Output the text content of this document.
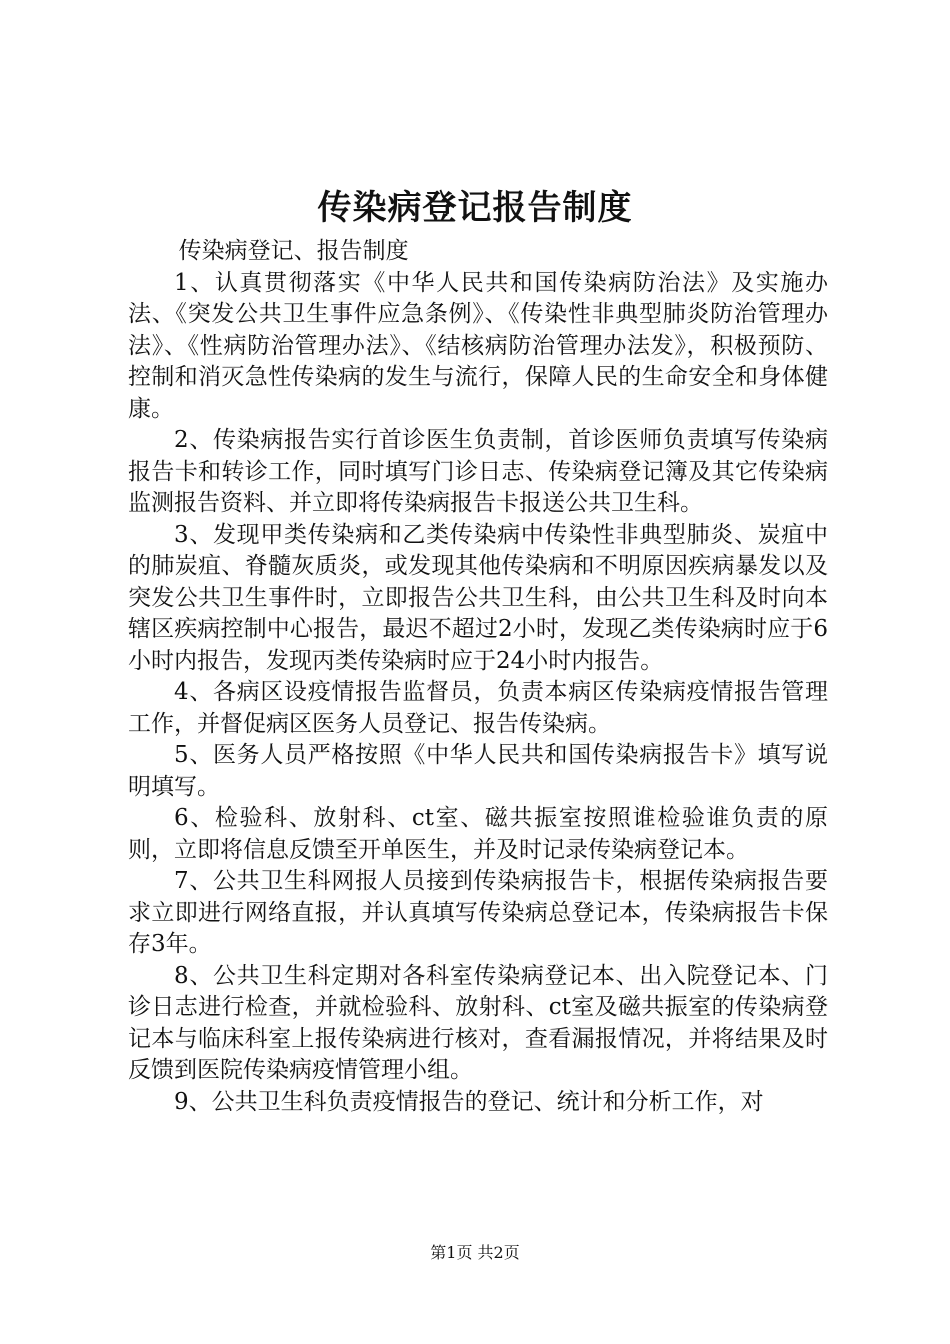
传染病登记报告制度

传染病登记、报告制度

1、认真贯彻落实《中华人民共和国传染病防治法》及实施办法、《突发公共卫生事件应急条例》、《传染性非典型肺炎防治管理办法》、《性病防治管理办法》、《结核病防治管理办法发》，积极预防、控制和消灭急性传染病的发生与流行，保障人民的生命安全和身体健康。

2、传染病报告实行首诊医生负责制，首诊医师负责填写传染病报告卡和转诊工作，同时填写门诊日志、传染病登记簿及其它传染病监测报告资料、并立即将传染病报告卡报送公共卫生科。

3、发现甲类传染病和乙类传染病中传染性非典型肺炎、炭疽中的肺炭疽、脊髓灰质炎，或发现其他传染病和不明原因疾病暴发以及突发公共卫生事件时，立即报告公共卫生科，由公共卫生科及时向本辖区疾病控制中心报告，最迟不超过2小时，发现乙类传染病时应于6小时内报告，发现丙类传染病时应于24小时内报告。

4、各病区设疫情报告监督员，负责本病区传染病疫情报告管理工作，并督促病区医务人员登记、报告传染病。

5、医务人员严格按照《中华人民共和国传染病报告卡》填写说明填写。

6、检验科、放射科、ct室、磁共振室按照谁检验谁负责的原则，立即将信息反馈至开单医生，并及时记录传染病登记本。

7、公共卫生科网报人员接到传染病报告卡，根据传染病报告要求立即进行网络直报，并认真填写传染病总登记本，传染病报告卡保存3年。

8、公共卫生科定期对各科室传染病登记本、出入院登记本、门诊日志进行检查，并就检验科、放射科、ct室及磁共振室的传染病登记本与临床科室上报传染病进行核对，查看漏报情况，并将结果及时反馈到医院传染病疫情管理小组。

9、公共卫生科负责疫情报告的登记、统计和分析工作，对

第1页 共2页
